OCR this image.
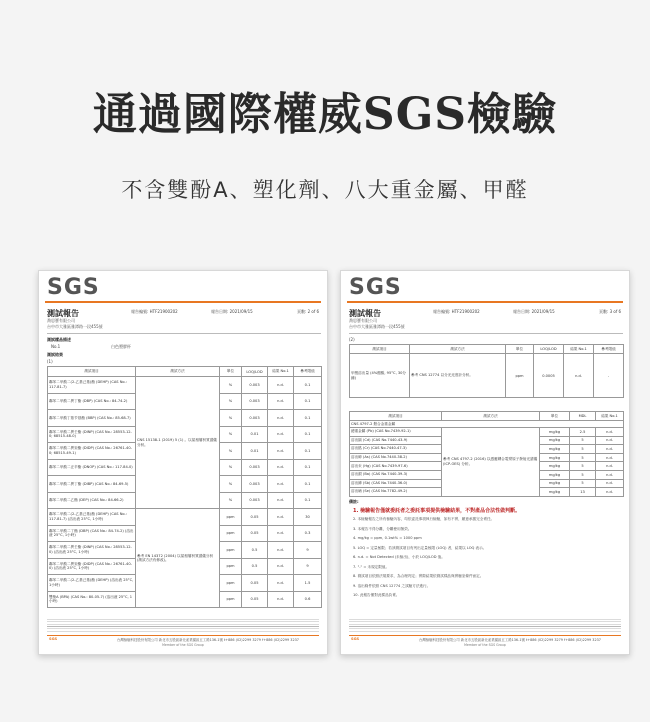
通過國際權威SGS檢驗
不含雙酚A、塑化劑、八大重金屬、甲醛
SGS
測試報告	報告編號: HTF21900202	報告日期: 2021/09/15	頁數: 2 of 6
喬思寶有限公司
台中市大雅區雅潭路一段455號
測試樣品描述
No.1	白色塑膠杯
測試結果
(1)
測試項目	測試方法	單位	LOQ/LOD	結果 No.1	參考限值
鄰苯二甲酸二(2-乙基己基)酯 (DEHP) (CAS No.: 117-81-7)	CNS 15138-1 (2019) 5 (1) 。以氣相層析質譜儀分析。	%	0.003	n.d.	0.1
鄰苯二甲酸二異丁酯 (DBP) (CAS No.: 84-74-2)		%	0.003	n.d.	0.1
鄰苯二甲酸丁基苄基酯 (BBP) (CAS No.: 85-68-7)		%	0.003	n.d.	0.1
鄰苯二甲酸二異壬酯 (DINP) (CAS No.: 28553-12-0; 68515-48-0)		%	0.01	n.d.	0.1
鄰苯二甲酸二異癸酯 (DIDP) (CAS No.: 26761-40-0; 68515-49-1)		%	0.01	n.d.	0.1
鄰苯二甲酸二正辛酯 (DNOP) (CAS No.: 117-84-0)		%	0.003	n.d.	0.1
鄰苯二甲酸二異丁酯 (DIBP) (CAS No.: 84-69-5)		%	0.003	n.d.	0.1
鄰苯二甲酸二乙酯 (DEP) (CAS No.: 84-66-2)		%	0.003	n.d.	0.1
鄰苯二甲酸二(2-乙基己基)酯 (DEHP) (CAS No.: 117-81-7) (溶出液 25°C, 1小時)	參考 EN 14372 (2004) 以氣相層析質譜儀分析 (測試方法有修改)。	ppm	0.05	n.d.	30
鄰苯二甲酸二丁酯 (DBP) (CAS No.: 84-74-2) (溶出液 25°C, 1小時)		ppm	0.05	n.d.	0.3
鄰苯二甲酸二異壬酯 (DINP) (CAS No.: 28553-12-0) (溶出液 25°C, 1小時)		ppm	0.5	n.d.	9
鄰苯二甲酸二異癸酯 (DIDP) (CAS No.: 26761-40-0) (溶出液 25°C, 1小時)		ppm	0.5	n.d.	9
鄰苯二甲酸二(2-乙基己基)酯 (DEHP) (溶出液 25°C, 1小時)		ppm	0.05	n.d.	1.5
雙酚A (BPA) (CAS No.: 80-05-7) (溶出液 25°C, 1小時)		ppm	0.05	n.d.	0.6
SGS	台灣檢驗科技股份有限公司 新北市五股區新北產業園區五工路136-1號 t+886 (02)2299 3279 f+886 (02)2299 3237
Member of the SGS Group
SGS
測試報告	報告編號: HTF21900202	報告日期: 2021/09/15	頁數: 3 of 6
喬思寶有限公司
台中市大雅區雅潭路一段455號
(2)
測試項目	測試方法	單位	LOQ/LOD	結果 No.1	參考限值
甲醛溶出量 (4%醋酸, 95°C, 30分鐘)	參考 CNS 12774 以分光光度計分析。	ppm	0.0005	n.d.	-
測試項目	測試方法	單位	MDL	結果 No.1
CNS 4797-2 鋁合金重金屬				
總重金屬 (Pb) (CAS No.7439-92-1)	參考 CNS 4797-2 (2016) 以感應耦合電漿原子發射光譜儀 (ICP-OES) 分析。	mg/kg	2.5	n.d.
溶出鎘 (Cd) (CAS No.7440-43-9)		mg/kg	5	n.d.
溶出鉻 (Cr) (CAS No.7440-47-3)		mg/kg	5	n.d.
溶出砷 (As) (CAS No.7440-38-2)		mg/kg	5	n.d.
溶出汞 (Hg) (CAS No.7439-97-6)		mg/kg	5	n.d.
溶出鋇 (Ba) (CAS No.7440-39-3)		mg/kg	5	n.d.
溶出銻 (Sb) (CAS No.7440-36-0)		mg/kg	5	n.d.
溶出硒 (Se) (CAS No.7782-49-2)		mg/kg	13	n.d.
備註:
1. 檢驗報告僅就委託者之委託事項提供檢驗結果，不對產品合法性做判斷。
2. 本檢驗報告之所有檢驗內容，均依委託事項執行檢驗，如有不實，願意承擔完全責任。
3. 本報告不得分離，分離使用無效。
4. mg/kg = ppm, 0.1wt% = 1000 ppm
5. LOQ = 定量極限；若該測試項目有列出定量極限 (LOQ) 者，結果以 LOQ 表示。
6. n.d. = Not Detected (未檢出)，小於 LOQ/LOD 值。
7. "-" = 未規定限值。
8. 測試項目依照法規要求，為合理判定；實際結果依測試樣品與實驗室條件而定。
9. 溶出條件依照 CNS 12774 之試驗方法進行。
10. 此報告僅對此樣品負責。
SGS	台灣檢驗科技股份有限公司 新北市五股區新北產業園區五工路136-1號 t+886 (02)2299 3279 f+886 (02)2299 3237
Member of the SGS Group
